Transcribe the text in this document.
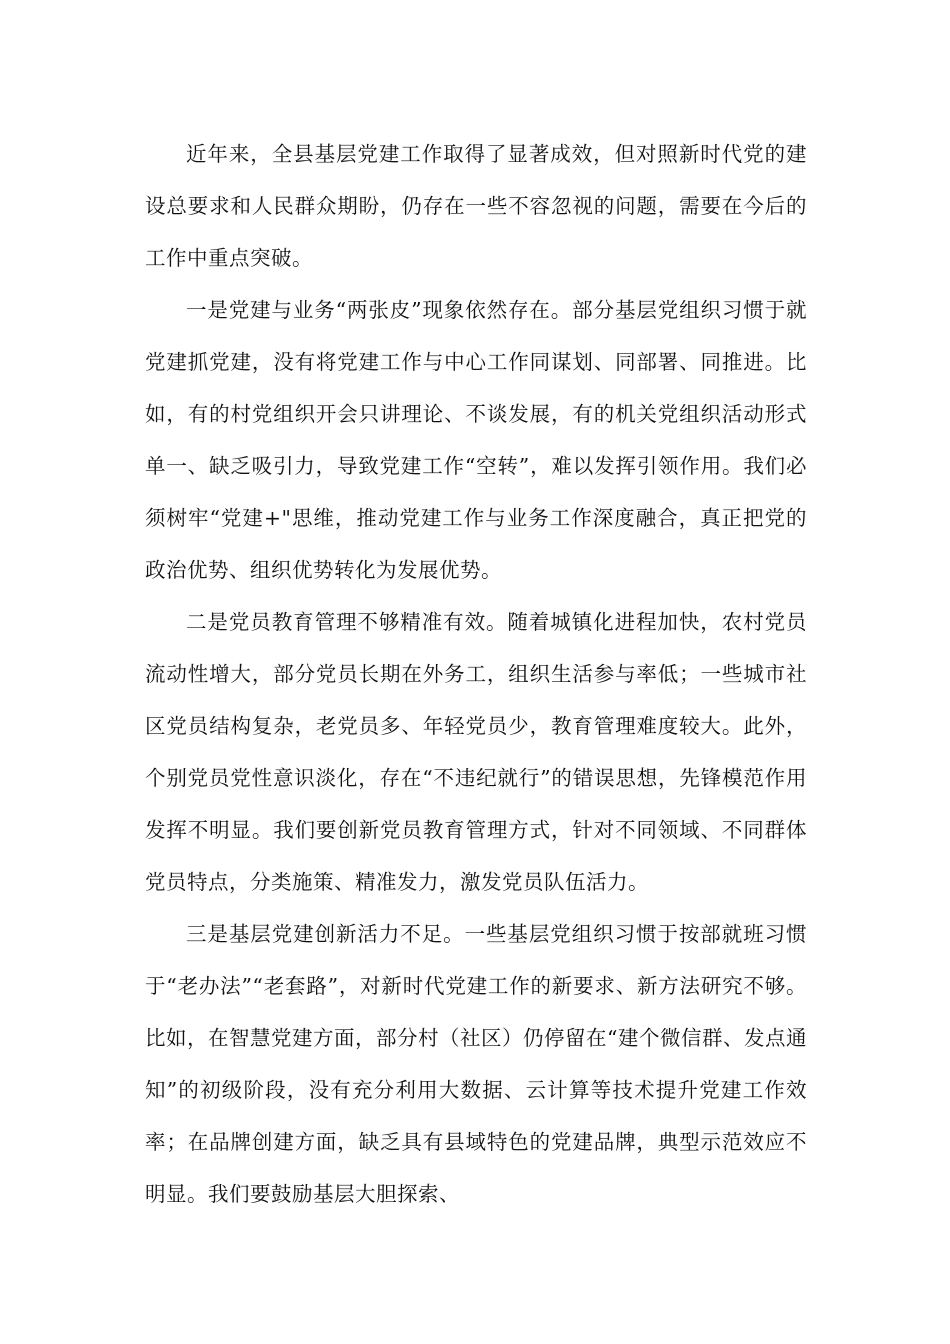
近年来，全县基层党建工作取得了显著成效，但对照新时代党的建设总要求和人民群众期盼，仍存在一些不容忽视的问题，需要在今后的工作中重点突破。

一是党建与业务“两张皮”现象依然存在。部分基层党组织习惯于就党建抓党建，没有将党建工作与中心工作同谋划、同部署、同推进。比如，有的村党组织开会只讲理论、不谈发展，有的机关党组织活动形式单一、缺乏吸引力，导致党建工作“空转”，难以发挥引领作用。我们必须树牢“党建+"思维，推动党建工作与业务工作深度融合，真正把党的政治优势、组织优势转化为发展优势。

二是党员教育管理不够精准有效。随着城镇化进程加快，农村党员流动性增大，部分党员长期在外务工，组织生活参与率低；一些城市社区党员结构复杂，老党员多、年轻党员少，教育管理难度较大。此外，个别党员党性意识淡化，存在“不违纪就行”的错误思想，先锋模范作用发挥不明显。我们要创新党员教育管理方式，针对不同领域、不同群体党员特点，分类施策、精准发力，激发党员队伍活力。

三是基层党建创新活力不足。一些基层党组织习惯于按部就班习惯于“老办法”“老套路”，对新时代党建工作的新要求、新方法研究不够。比如，在智慧党建方面，部分村（社区）仍停留在“建个微信群、发点通知”的初级阶段，没有充分利用大数据、云计算等技术提升党建工作效率；在品牌创建方面，缺乏具有县域特色的党建品牌，典型示范效应不明显。我们要鼓励基层大胆探索、
